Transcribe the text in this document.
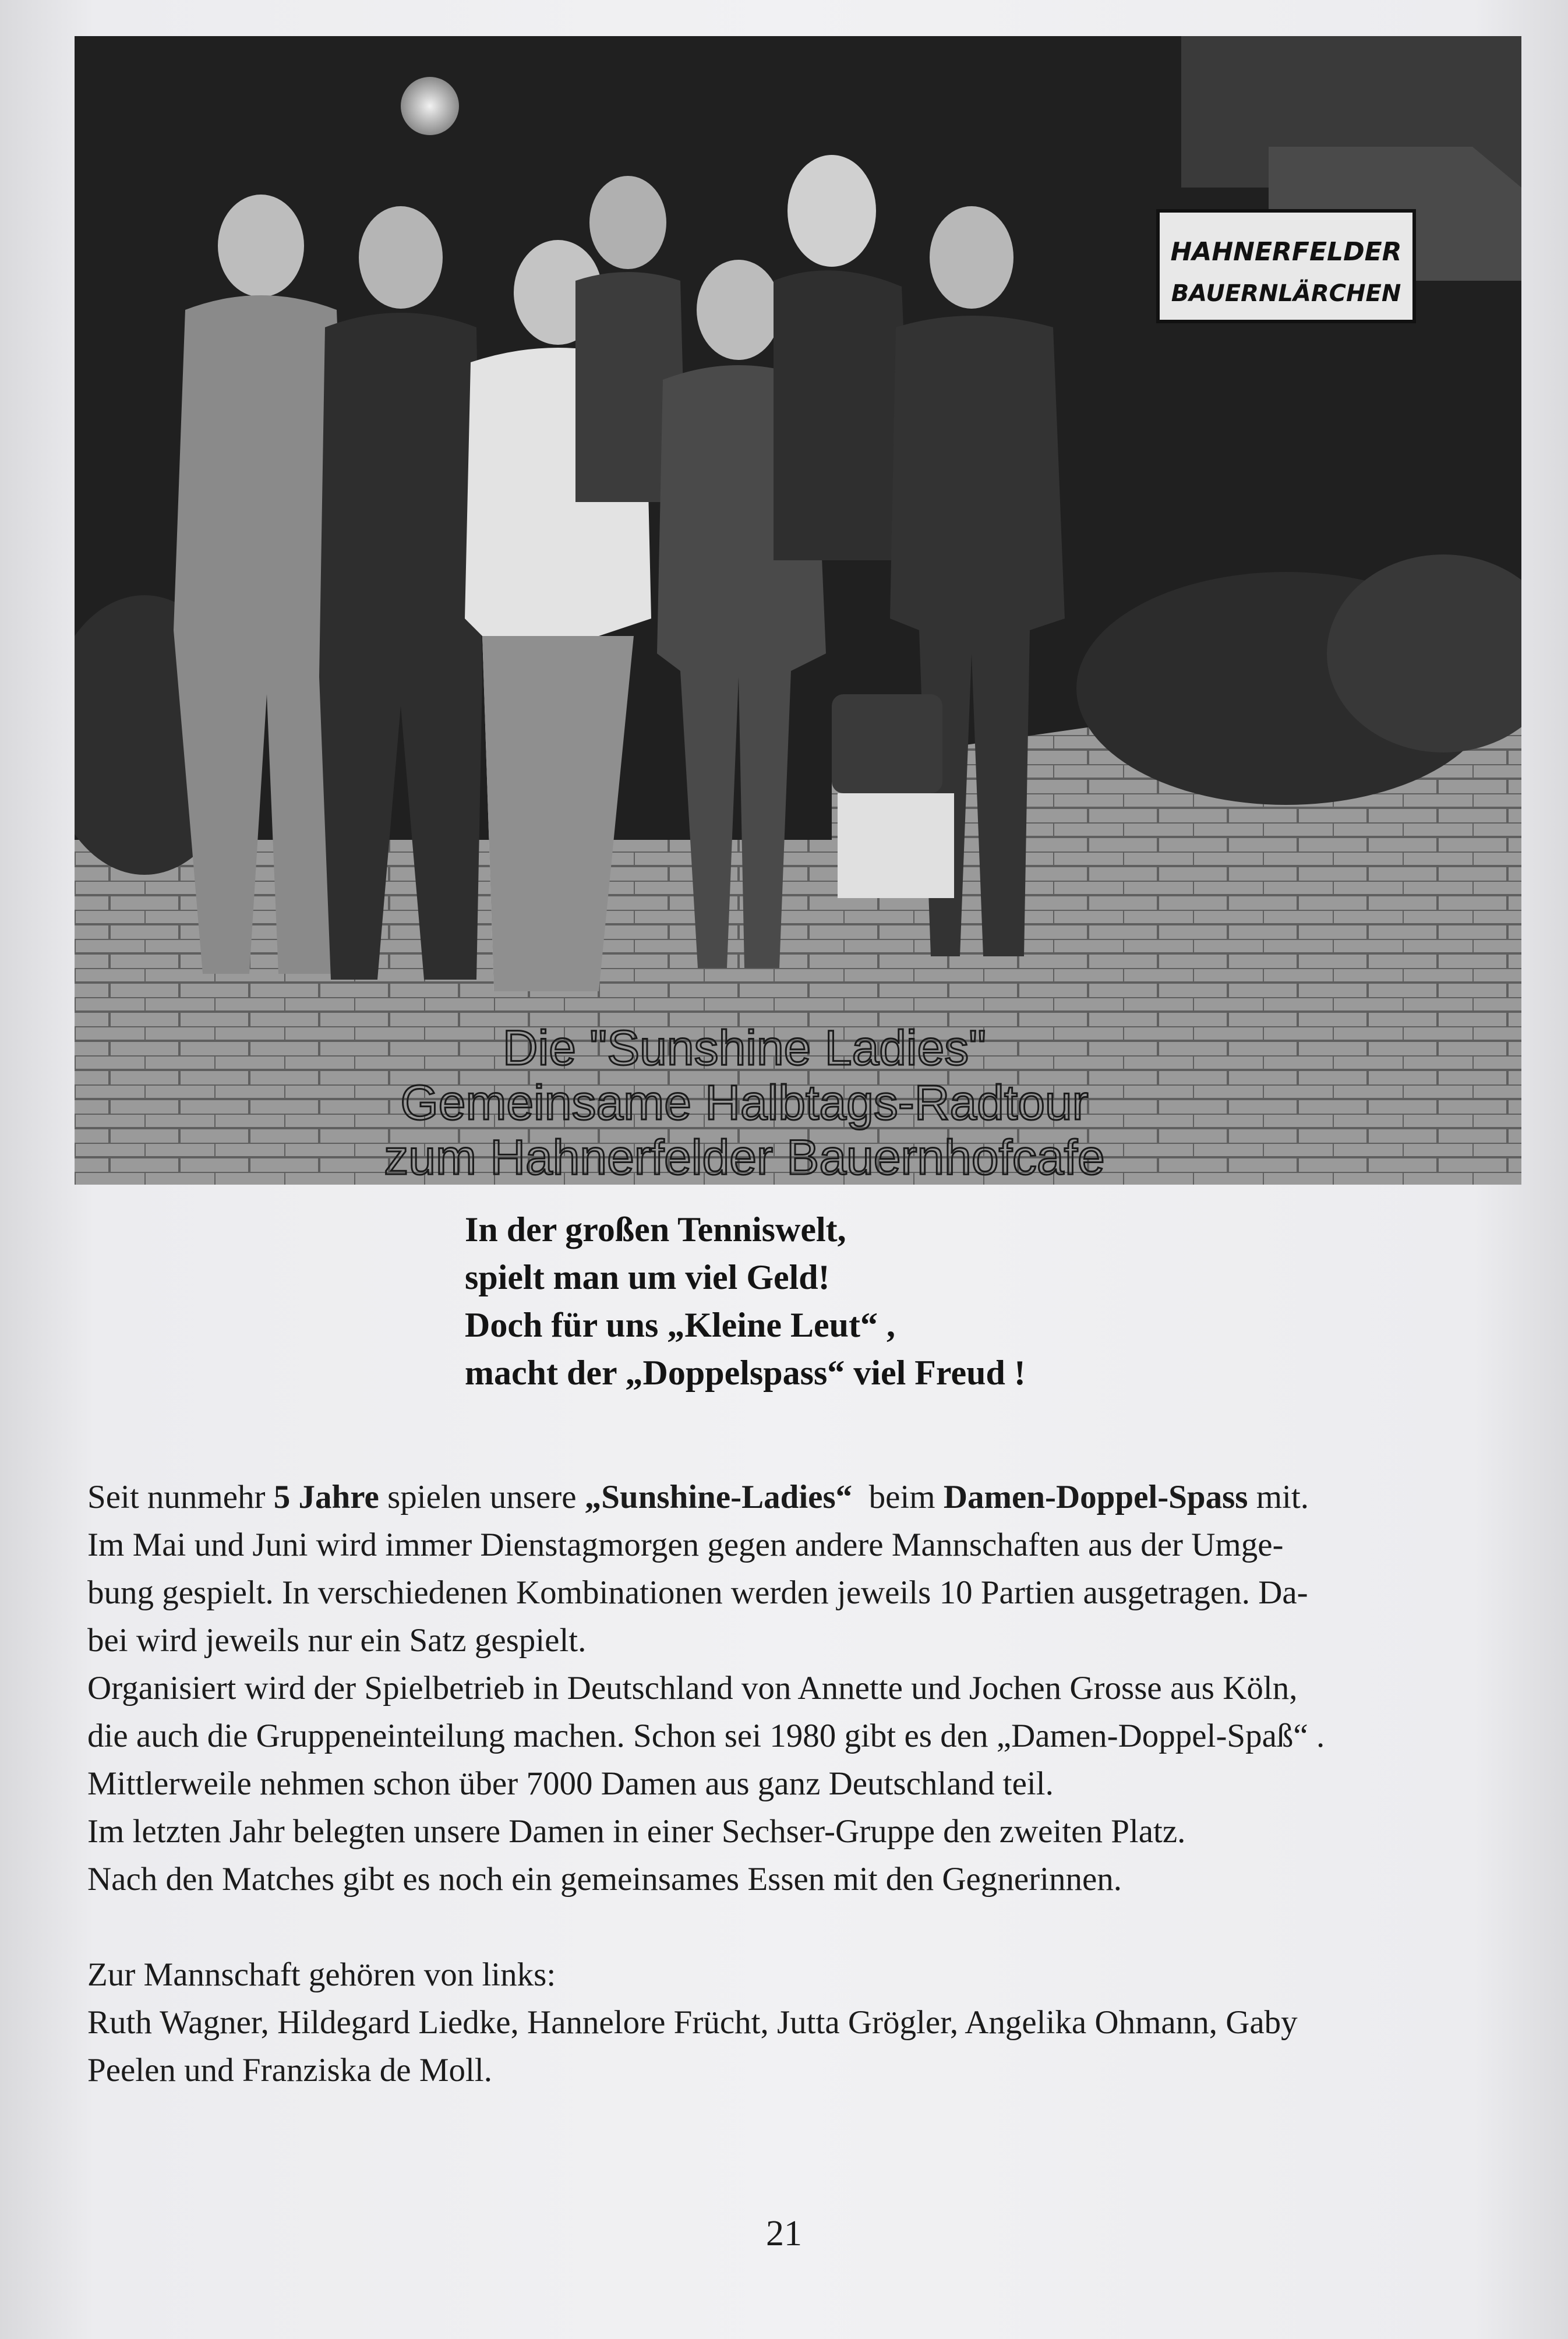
HAHNERFELDER
BAUERNLÄRCHEN
Die "Sunshine Ladies"
Gemeinsame Halbtags-Radtour
zum Hahnerfelder Bauernhofcafe
In der großen Tenniswelt,
spielt man um viel Geld!
Doch für uns „Kleine Leut“ ,
macht der „Doppelspass“ viel Freud !

Seit nunmehr 5 Jahre spielen unsere „Sunshine-Ladies“  beim Damen-Doppel-Spass mit.

Im Mai und Juni wird immer Dienstagmorgen gegen andere Mannschaften aus der Umge-

bung gespielt. In verschiedenen Kombinationen werden jeweils 10 Partien ausgetragen. Da-

bei wird jeweils nur ein Satz gespielt.

Organisiert wird der Spielbetrieb in Deutschland von Annette und Jochen Grosse aus Köln,

die auch die Gruppeneinteilung machen. Schon sei 1980 gibt es den „Damen-Doppel-Spaß“ .

Mittlerweile nehmen schon über 7000 Damen aus ganz Deutschland teil.

Im letzten Jahr belegten unsere Damen in einer Sechser-Gruppe den zweiten Platz.

Nach den Matches gibt es noch ein gemeinsames Essen mit den Gegnerinnen.

Zur Mannschaft gehören von links:

Ruth Wagner, Hildegard Liedke, Hannelore Frücht, Jutta Grögler, Angelika Ohmann, Gaby

Peelen und Franziska de Moll.

21
